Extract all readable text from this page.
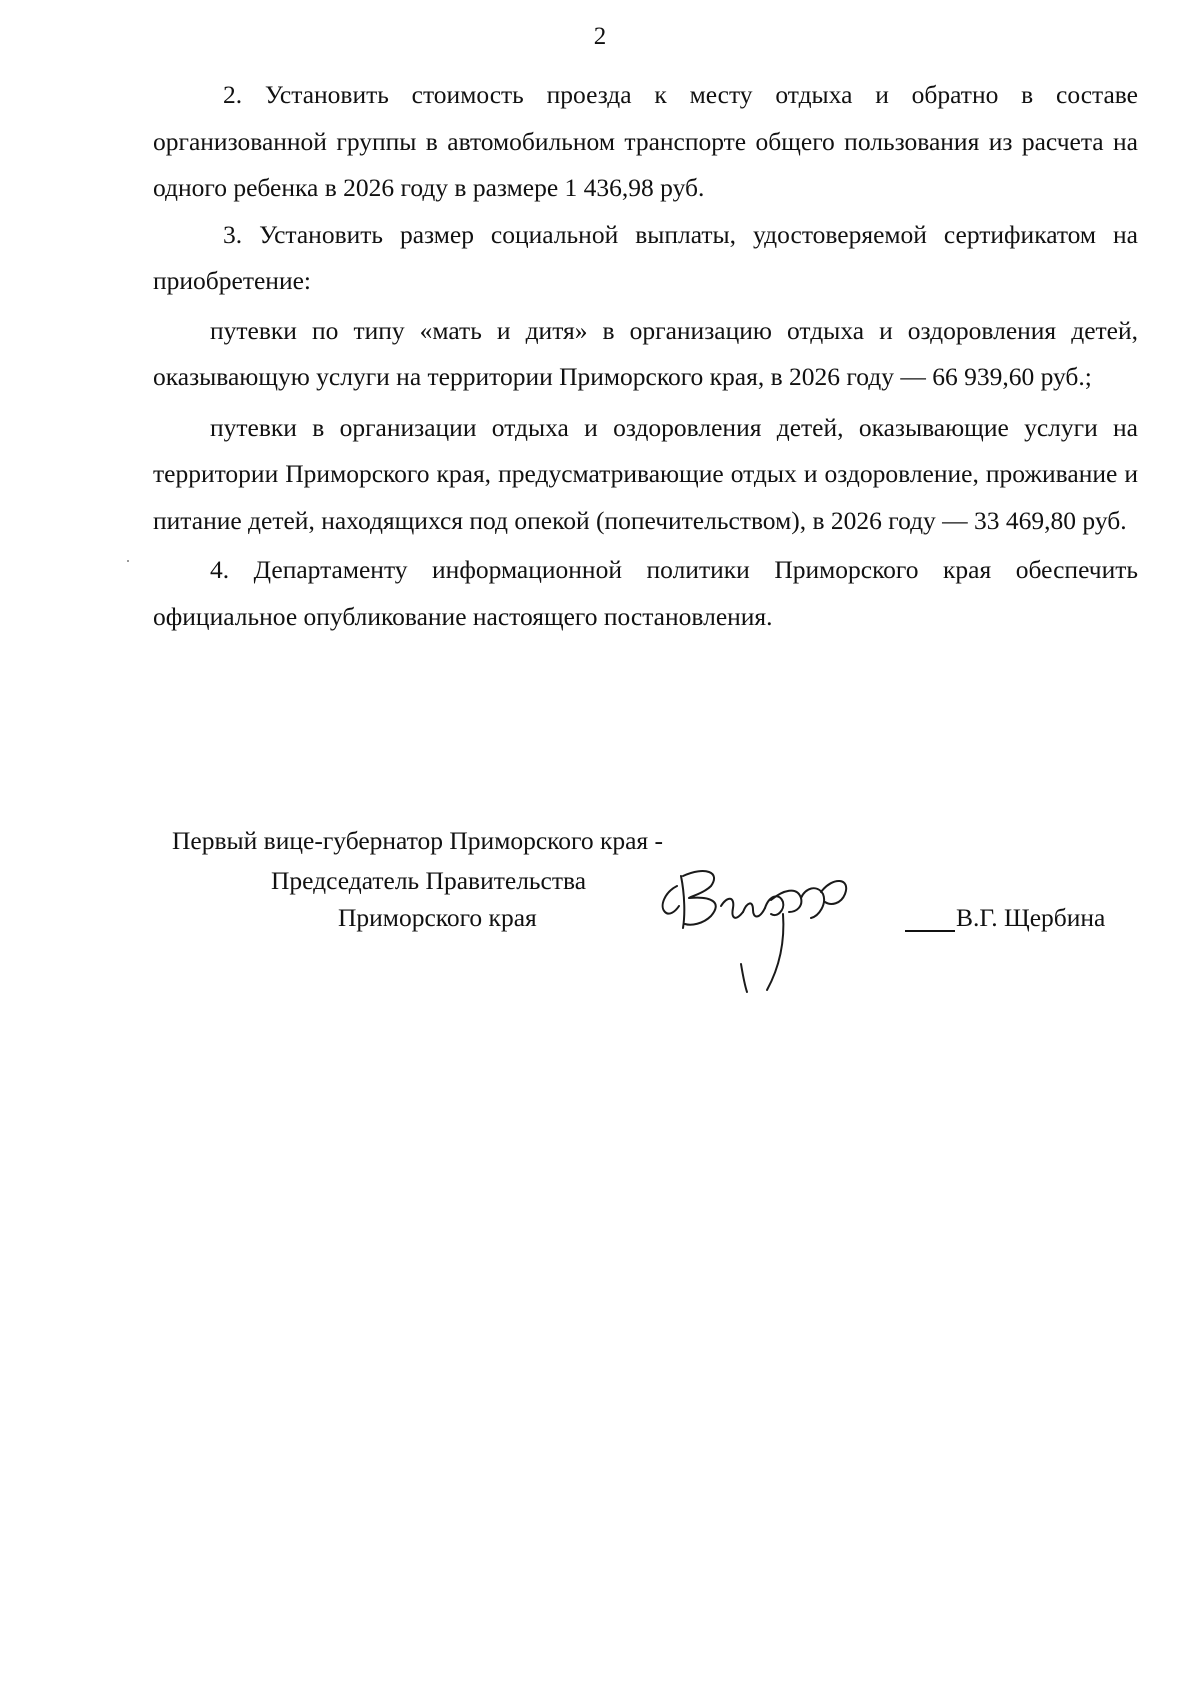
2

2. Установить стоимость проезда к месту отдыха и обратно в составе организованной группы в автомобильном транспорте общего пользования из расчета на одного ребенка в 2026 году в размере 1 436,98 руб.

3. Установить размер социальной выплаты, удостоверяемой сертификатом на приобретение:

путевки по типу «мать и дитя» в организацию отдыха и оздоровления детей, оказывающую услуги на территории Приморского края, в 2026 году — 66 939,60 руб.;

путевки в организации отдыха и оздоровления детей, оказывающие услуги на территории Приморского края, предусматривающие отдых и оздоровление, проживание и питание детей, находящихся под опекой (попечительством), в 2026 году — 33 469,80 руб.

4. Департаменту информационной политики Приморского края обеспечить официальное опубликование настоящего постановления.

Первый вице-губернатор Приморского края -
Председатель Правительства
Приморского края	В.Г. Щербина
